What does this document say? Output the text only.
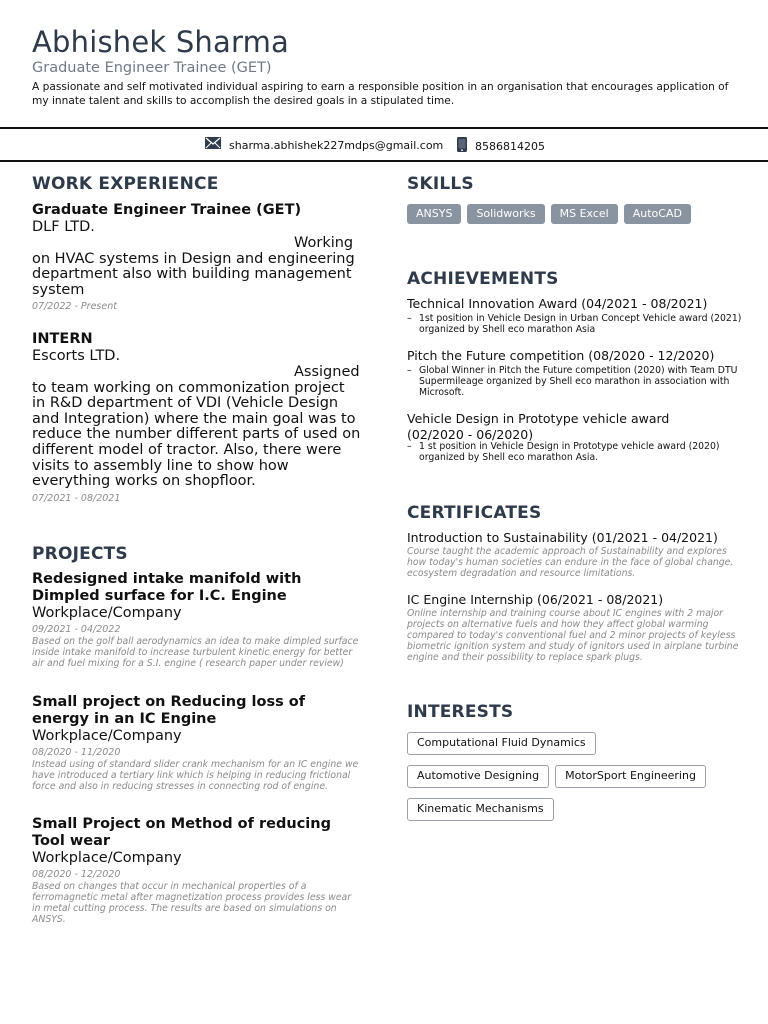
Abhishek Sharma
Graduate Engineer Trainee (GET)

A passionate and self motivated individual aspiring to earn a responsible position in an organisation that encourages application of my innate talent and skills to accomplish the desired goals in a stipulated time.

sharma.abhishek227mdps@gmail.com	8586814205
WORK EXPERIENCE
Graduate Engineer Trainee (GET)
DLF LTD.
Working on HVAC systems in Design and engineering department also with building management system
07/2022 - Present
INTERN
Escorts LTD.
Assigned to team working on commonization project in R&D department of VDI (Vehicle Design and Integration) where the main goal was to reduce the number different parts of used on different model of tractor. Also, there were visits to assembly line to show how everything works on shopfloor.
07/2021 - 08/2021
PROJECTS
Redesigned intake manifold with Dimpled surface for I.C. Engine
Workplace/Company
09/2021 - 04/2022
Based on the golf ball aerodynamics an idea to make dimpled surface inside intake manifold to increase turbulent kinetic energy for better air and fuel mixing for a S.I. engine ( research paper under review)
Small project on Reducing loss of energy in an IC Engine
Workplace/Company
08/2020 - 11/2020
Instead using of standard slider crank mechanism for an IC engine we have introduced a tertiary link which is helping in reducing frictional force and also in reducing stresses in connecting rod of engine.
Small Project on Method of reducing Tool wear
Workplace/Company
08/2020 - 12/2020
Based on changes that occur in mechanical properties of a ferromagnetic metal after magnetization process provides less wear in metal cutting process. The results are based on simulations on ANSYS.
SKILLS
ANSYS	Solidworks	MS Excel	AutoCAD
ACHIEVEMENTS
Technical Innovation Award (04/2021 - 08/2021)
– 1st position in Vehicle Design in Urban Concept Vehicle award (2021) organized by Shell eco marathon Asia
Pitch the Future competition (08/2020 - 12/2020)
– Global Winner in Pitch the Future competition (2020) with Team DTU Supermileage organized by Shell eco marathon in association with Microsoft.
Vehicle Design in Prototype vehicle award (02/2020 - 06/2020)
– 1 st position in Vehicle Design in Prototype vehicle award (2020) organized by Shell eco marathon Asia.
CERTIFICATES
Introduction to Sustainability (01/2021 - 04/2021)
Course taught the academic approach of Sustainability and explores how today's human societies can endure in the face of global change, ecosystem degradation and resource limitations.
IC Engine Internship (06/2021 - 08/2021)
Online internship and training course about IC engines with 2 major projects on alternative fuels and how they affect global warming compared to today's conventional fuel and 2 minor projects of keyless biometric ignition system and study of ignitors used in airplane turbine engine and their possibility to replace spark plugs.
INTERESTS
Computational Fluid Dynamics
Automotive Designing	MotorSport Engineering
Kinematic Mechanisms
